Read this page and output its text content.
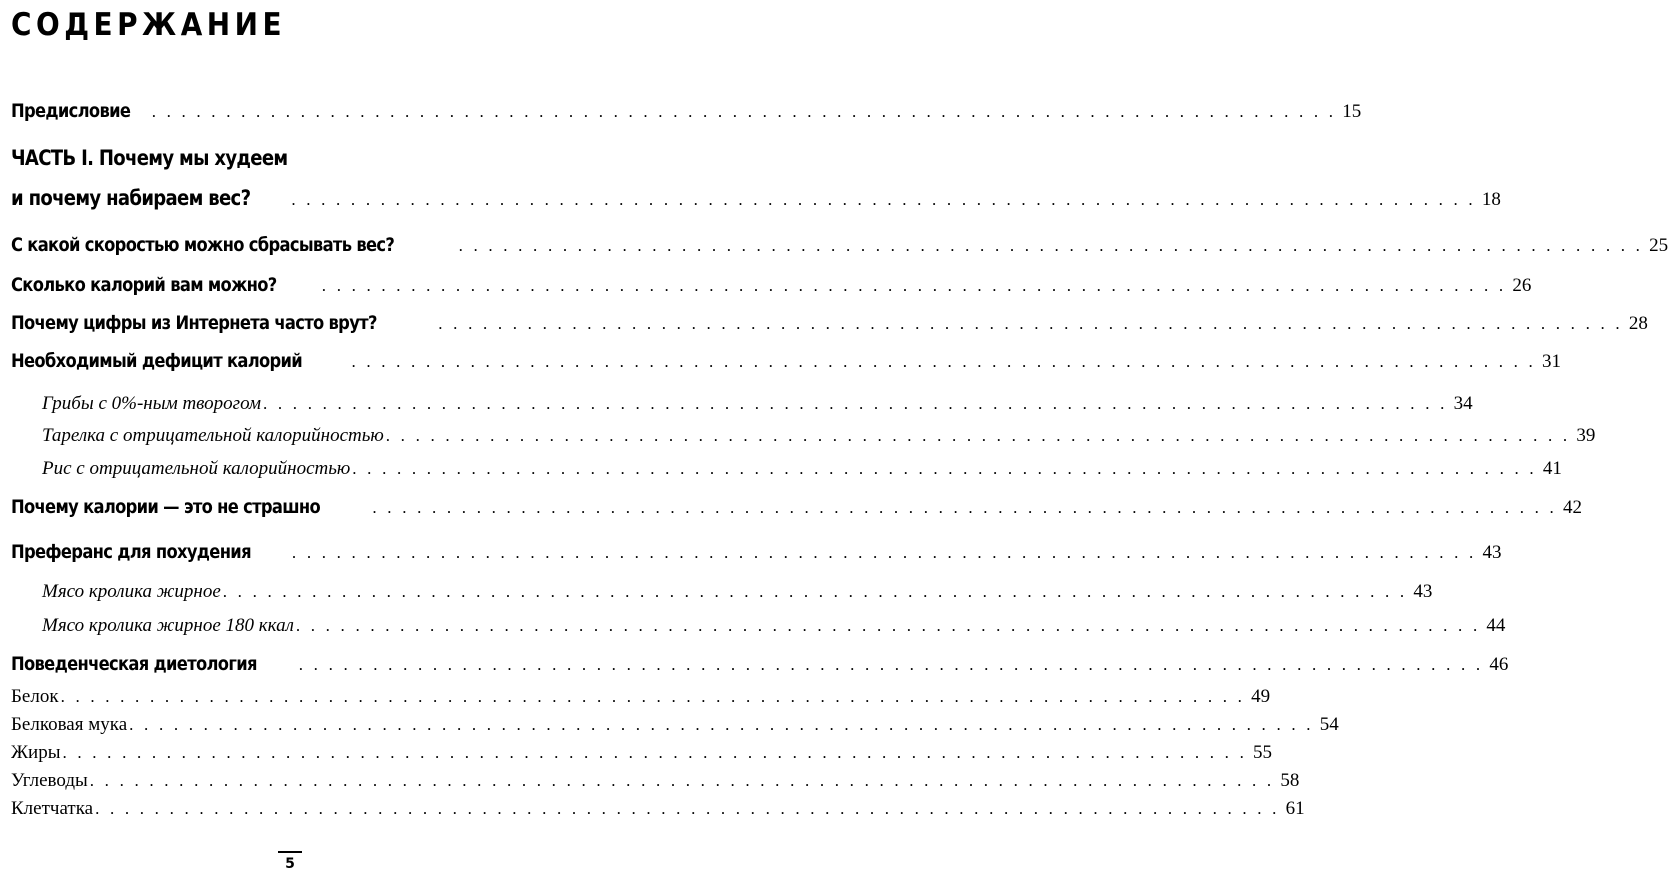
СОДЕРЖАНИЕ
Предисловие	. . . . . . . . . . . . . . . . . . . . . . . . . . . . . . . . . . . . . . . . . . . . . . . . . . . . . . . . . . . . . . . . . . . . . . . . . . . . . . . . 15
ЧАСТЬ I. Почему мы худеем
и почему набираем вес?	. . . . . . . . . . . . . . . . . . . . . . . . . . . . . . . . . . . . . . . . . . . . . . . . . . . . . . . . . . . . . . . . . . . . . . . . . . . . . . . . 18
С какой скоростью можно сбрасывать вес?	. . . . . . . . . . . . . . . . . . . . . . . . . . . . . . . . . . . . . . . . . . . . . . . . . . . . . . . . . . . . . . . . . . . . . . . . . . . . . . . . 25
Сколько калорий вам можно?	. . . . . . . . . . . . . . . . . . . . . . . . . . . . . . . . . . . . . . . . . . . . . . . . . . . . . . . . . . . . . . . . . . . . . . . . . . . . . . . . 26
Почему цифры из Интернета часто врут?	. . . . . . . . . . . . . . . . . . . . . . . . . . . . . . . . . . . . . . . . . . . . . . . . . . . . . . . . . . . . . . . . . . . . . . . . . . . . . . . . 28
Необходимый дефицит калорий	. . . . . . . . . . . . . . . . . . . . . . . . . . . . . . . . . . . . . . . . . . . . . . . . . . . . . . . . . . . . . . . . . . . . . . . . . . . . . . . . 31
Грибы с 0%-ным творогом . . . . . . . . . . . . . . . . . . . . . . . . . . . . . . . . . . . . . . . . . . . . . . . . . . . . . . . . . . . . . . . . . . . . . . . . . . . . . . . . 34
Тарелка с отрицательной калорийностью . . . . . . . . . . . . . . . . . . . . . . . . . . . . . . . . . . . . . . . . . . . . . . . . . . . . . . . . . . . . . . . . . . . . . . . . . . . . . . . . 39
Рис с отрицательной калорийностью . . . . . . . . . . . . . . . . . . . . . . . . . . . . . . . . . . . . . . . . . . . . . . . . . . . . . . . . . . . . . . . . . . . . . . . . . . . . . . . . 41
Почему калории — это не страшно	. . . . . . . . . . . . . . . . . . . . . . . . . . . . . . . . . . . . . . . . . . . . . . . . . . . . . . . . . . . . . . . . . . . . . . . . . . . . . . . . 42
Преферанс для похудения	. . . . . . . . . . . . . . . . . . . . . . . . . . . . . . . . . . . . . . . . . . . . . . . . . . . . . . . . . . . . . . . . . . . . . . . . . . . . . . . . 43
Мясо кролика жирное . . . . . . . . . . . . . . . . . . . . . . . . . . . . . . . . . . . . . . . . . . . . . . . . . . . . . . . . . . . . . . . . . . . . . . . . . . . . . . . . 43
Мясо кролика жирное 180 ккал . . . . . . . . . . . . . . . . . . . . . . . . . . . . . . . . . . . . . . . . . . . . . . . . . . . . . . . . . . . . . . . . . . . . . . . . . . . . . . . . 44
Поведенческая диетология	. . . . . . . . . . . . . . . . . . . . . . . . . . . . . . . . . . . . . . . . . . . . . . . . . . . . . . . . . . . . . . . . . . . . . . . . . . . . . . . . 46
Белок . . . . . . . . . . . . . . . . . . . . . . . . . . . . . . . . . . . . . . . . . . . . . . . . . . . . . . . . . . . . . . . . . . . . . . . . . . . . . . . . 49
Белковая мука . . . . . . . . . . . . . . . . . . . . . . . . . . . . . . . . . . . . . . . . . . . . . . . . . . . . . . . . . . . . . . . . . . . . . . . . . . . . . . . . 54
Жиры . . . . . . . . . . . . . . . . . . . . . . . . . . . . . . . . . . . . . . . . . . . . . . . . . . . . . . . . . . . . . . . . . . . . . . . . . . . . . . . . 55
Углеводы . . . . . . . . . . . . . . . . . . . . . . . . . . . . . . . . . . . . . . . . . . . . . . . . . . . . . . . . . . . . . . . . . . . . . . . . . . . . . . . . 58
Клетчатка . . . . . . . . . . . . . . . . . . . . . . . . . . . . . . . . . . . . . . . . . . . . . . . . . . . . . . . . . . . . . . . . . . . . . . . . . . . . . . . . 61
5
